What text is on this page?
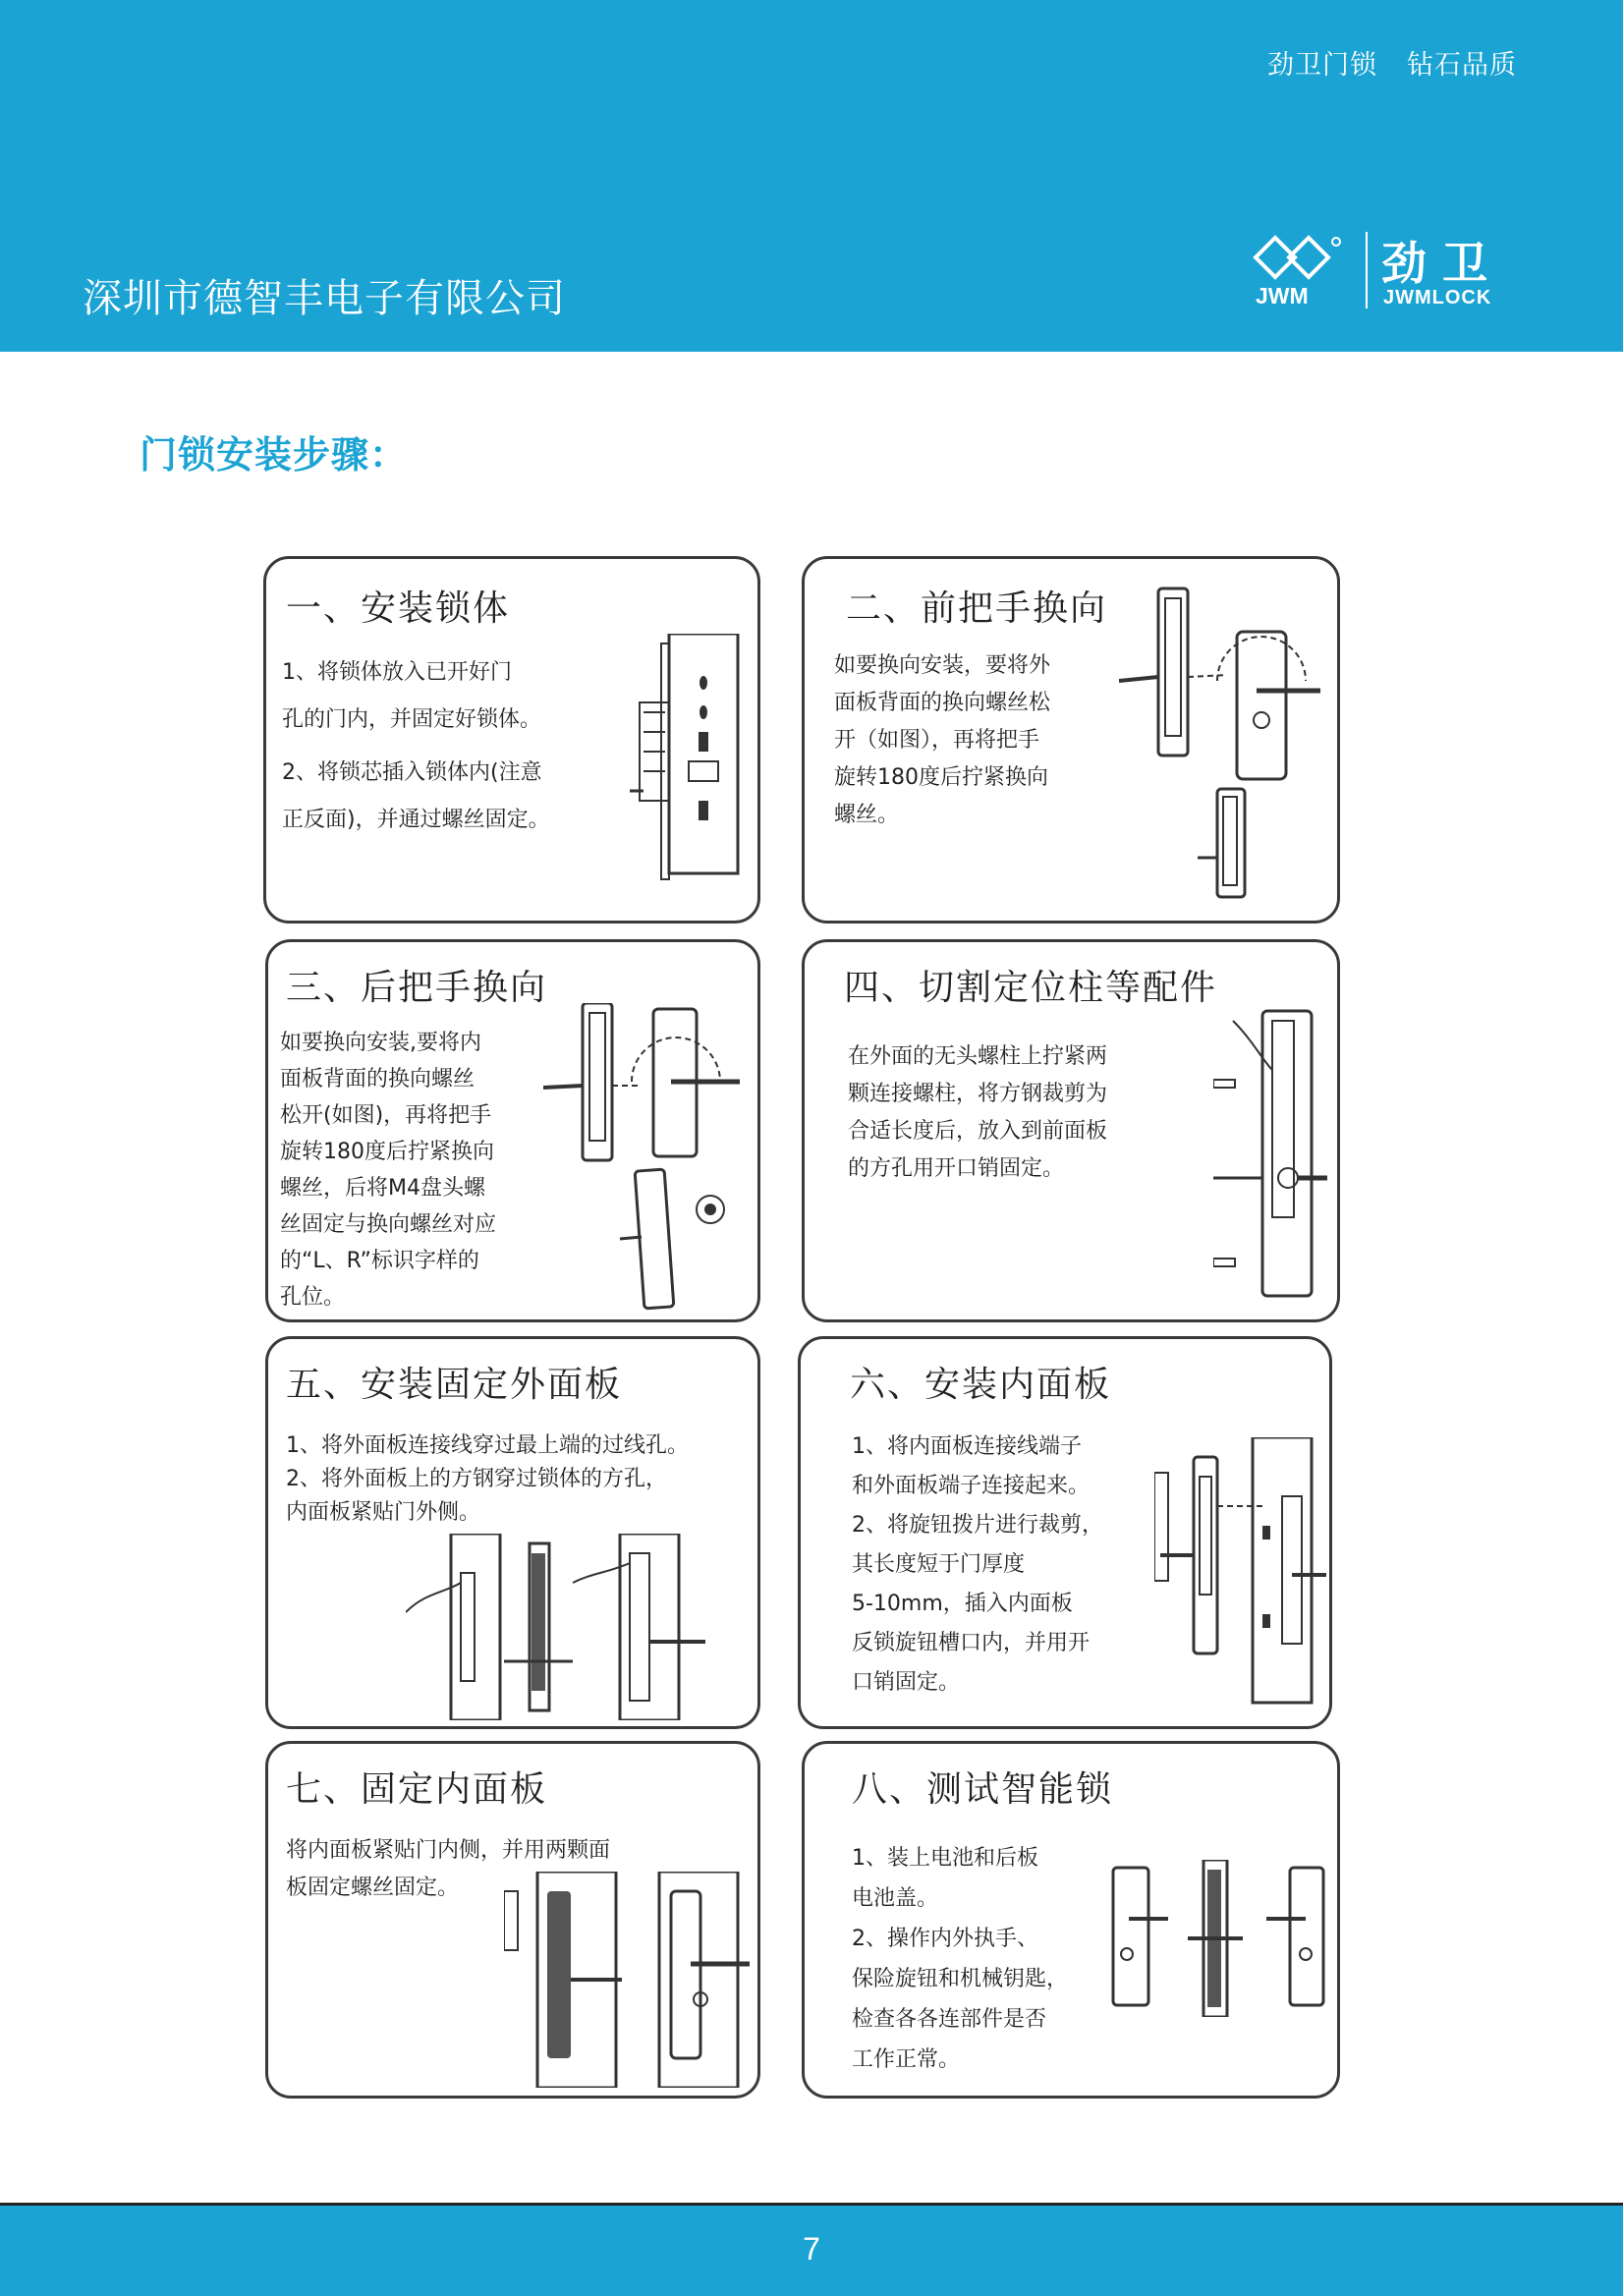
劲卫门锁 钻石品质
深圳市德智丰电子有限公司	JWM
劲卫
JWMLOCK
门锁安装步骤：
一、安装锁体
1、将锁体放入已开好门
孔的门内，并固定好锁体。
2、将锁芯插入锁体内(注意
正反面)，并通过螺丝固定。
二、前把手换向
如要换向安装，要将外
面板背面的换向螺丝松
开（如图），再将把手
旋转180度后拧紧换向
螺丝。
三、后把手换向
如要换向安装,要将内
面板背面的换向螺丝
松开(如图)，再将把手
旋转180度后拧紧换向
螺丝，后将M4盘头螺
丝固定与换向螺丝对应
的“L、R”标识字样的
孔位。
四、切割定位柱等配件
在外面的无头螺柱上拧紧两
颗连接螺柱，将方钢裁剪为
合适长度后，放入到前面板
的方孔用开口销固定。
五、安装固定外面板
1、将外面板连接线穿过最上端的过线孔。
2、将外面板上的方钢穿过锁体的方孔，
内面板紧贴门外侧。
六、安装内面板
1、将内面板连接线端子
和外面板端子连接起来。
2、将旋钮拨片进行裁剪，
其长度短于门厚度
5-10mm，插入内面板
反锁旋钮槽口内，并用开
口销固定。
七、固定内面板
将内面板紧贴门内侧，并用两颗面
板固定螺丝固定。
八、测试智能锁
1、装上电池和后板
电池盖。
2、操作内外执手、
保险旋钮和机械钥匙，
检查各各连部件是否
工作正常。
7
